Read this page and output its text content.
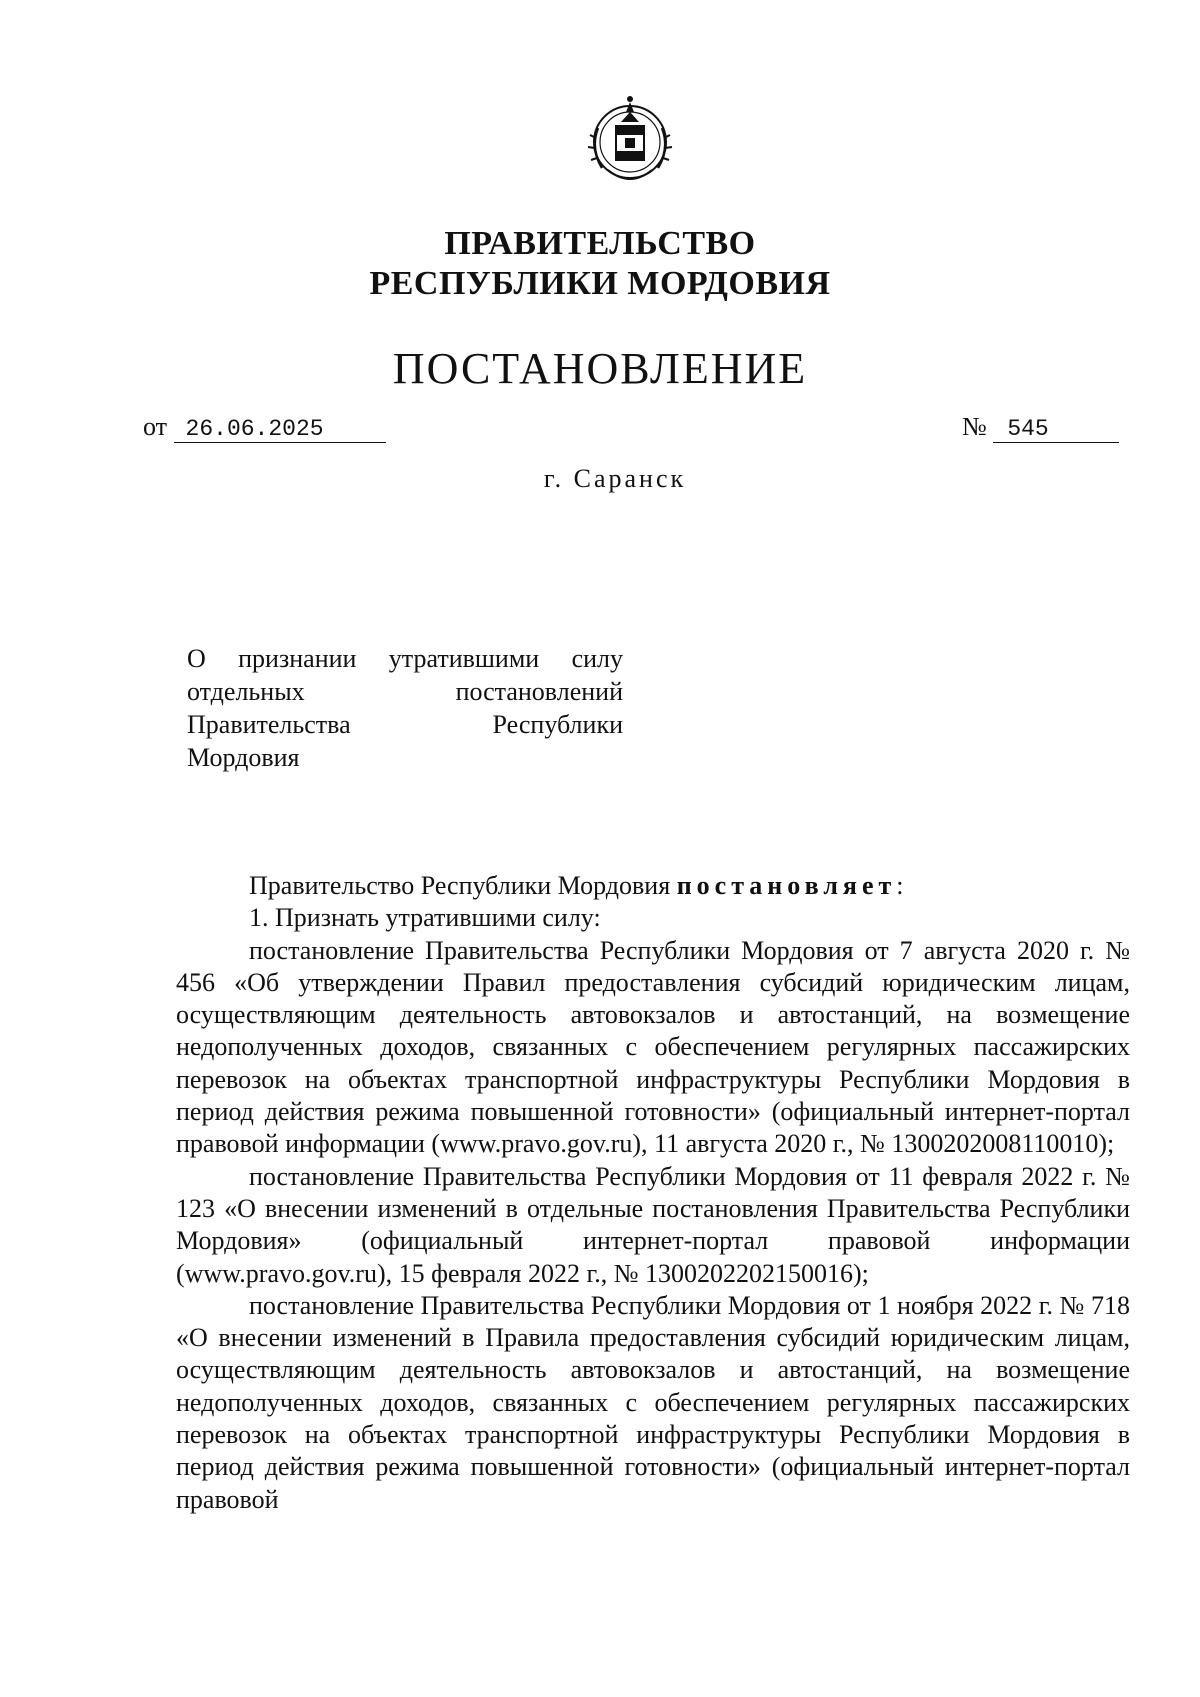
ПРАВИТЕЛЬСТВО
РЕСПУБЛИКИ МОРДОВИЯ
ПОСТАНОВЛЕНИЕ
от 26.06.2025	№ 545
г. Саранск
О признании утратившими силу
отдельных постановлений
Правительства Республики
Мордовия

Правительство Республики Мордовия постановляет:

1. Признать утратившими силу:

постановление Правительства Республики Мордовия от 7 августа 2020 г. № 456 «Об утверждении Правил предоставления субсидий юридическим лицам, осуществляющим деятельность автовокзалов и автостанций, на возмещение недополученных доходов, связанных с обеспечением регулярных пассажирских перевозок на объектах транспортной инфраструктуры Республики Мордовия в период действия режима повышенной готовности» (официальный интернет-портал правовой информации (www.pravo.gov.ru), 11 августа 2020 г., № 1300202008110010);

постановление Правительства Республики Мордовия от 11 февраля 2022 г. № 123 «О внесении изменений в отдельные постановления Правительства Республики Мордовия» (официальный интернет-портал правовой информации (www.pravo.gov.ru), 15 февраля 2022 г., № 1300202202150016);

постановление Правительства Республики Мордовия от 1 ноября 2022 г. № 718 «О внесении изменений в Правила предоставления субсидий юридическим лицам, осуществляющим деятельность автовокзалов и автостанций, на возмещение недополученных доходов, связанных с обеспечением регулярных пассажирских перевозок на объектах транспортной инфраструктуры Республики Мордовия в период действия режима повышенной готовности» (официальный интернет-портал правовой
